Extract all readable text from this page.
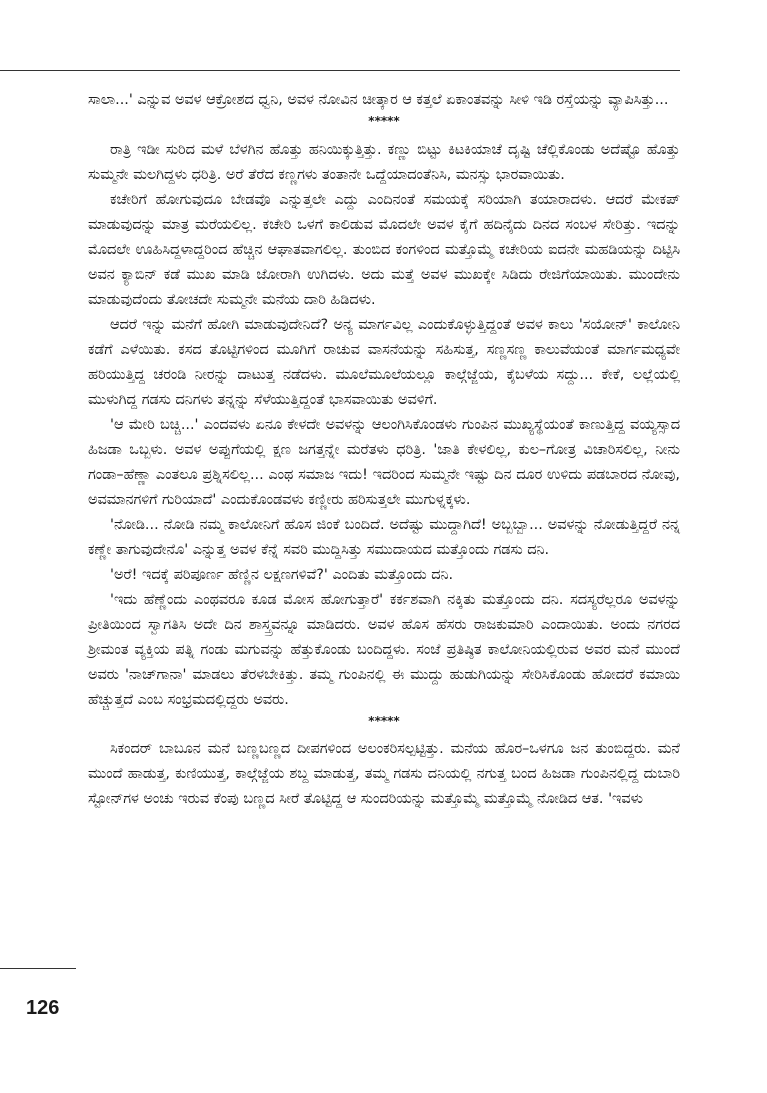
ಸಾಲಾ...' ಎನ್ನುವ ಅವಳ ಆಕ್ರೋಶದ ಧ್ವನಿ, ಅವಳ ನೋವಿನ ಚೀತ್ಕಾರ ಆ ಕತ್ತಲೆ ಏಕಾಂತವನ್ನು ಸೀಳಿ ಇಡಿ ರಸ್ತೆಯನ್ನು ವ್ಯಾಪಿಸಿತ್ತು...

*****

ರಾತ್ರಿ ಇಡೀ ಸುರಿದ ಮಳೆ ಬೆಳಗಿನ ಹೊತ್ತು ಹನಿಯಿಕ್ಕುತ್ತಿತ್ತು. ಕಣ್ಣು ಬಿಟ್ಟು ಕಿಟಕಿಯಾಚೆ ದೃಷ್ಟಿ ಚೆಲ್ಲಿಕೊಂಡು ಅದೆಷ್ಟೊ ಹೊತ್ತು ಸುಮ್ಮನೇ ಮಲಗಿದ್ದಳು ಧರಿತ್ರಿ. ಅರೆ ತೆರೆದ ಕಣ್ಣಗಳು ತಂತಾನೇ ಒದ್ದೆಯಾದಂತೆನಿಸಿ, ಮನಸ್ಸು ಭಾರವಾಯಿತು.

ಕಚೇರಿಗೆ ಹೋಗುವುದೂ ಬೇಡವೊ ಎನ್ನುತ್ತಲೇ ಎದ್ದು ಎಂದಿನಂತೆ ಸಮಯಕ್ಕೆ ಸರಿಯಾಗಿ ತಯಾರಾದಳು. ಆದರೆ ಮೇಕಪ್ ಮಾಡುವುದನ್ನು ಮಾತ್ರ ಮರೆಯಲಿಲ್ಲ. ಕಚೇರಿ ಒಳಗೆ ಕಾಲಿಡುವ ಮೊದಲೇ ಅವಳ ಕೈಗೆ ಹದಿನೈದು ದಿನದ ಸಂಬಳ ಸೇರಿತ್ತು. ಇದನ್ನು ಮೊದಲೇ ಊಹಿಸಿದ್ದಳಾದ್ದರಿಂದ ಹೆಚ್ಚಿನ ಆಘಾತವಾಗಲಿಲ್ಲ. ತುಂಬಿದ ಕಂಗಳಿಂದ ಮತ್ತೊಮ್ಮೆ ಕಚೇರಿಯ ಐದನೇ ಮಹಡಿಯನ್ನು ದಿಟ್ಟಿಸಿ ಅವನ ಕ್ಯಾಬಿನ್ ಕಡೆ ಮುಖ ಮಾಡಿ ಜೋರಾಗಿ ಉಗಿದಳು. ಅದು ಮತ್ತೆ ಅವಳ ಮುಖಕ್ಕೇ ಸಿಡಿದು ರೇಜಿಗೆಯಾಯಿತು. ಮುಂದೇನು ಮಾಡುವುದೆಂದು ತೋಚದೇ ಸುಮ್ಮನೇ ಮನೆಯ ದಾರಿ ಹಿಡಿದಳು.

ಆದರೆ ಇನ್ನು ಮನೆಗೆ ಹೋಗಿ ಮಾಡುವುದೇನಿದೆ? ಅನ್ಯ ಮಾರ್ಗವಿಲ್ಲ ಎಂದುಕೊಳ್ಳುತ್ತಿದ್ದಂತೆ ಅವಳ ಕಾಲು 'ಸಯೋನ್' ಕಾಲೋನಿ ಕಡೆಗೆ ಎಳೆಯಿತು. ಕಸದ ತೊಟ್ಟಿಗಳಿಂದ ಮೂಗಿಗೆ ರಾಚುವ ವಾಸನೆಯನ್ನು ಸಹಿಸುತ್ತ, ಸಣ್ಣಸಣ್ಣ ಕಾಲುವೆಯಂತೆ ಮಾರ್ಗಮಧ್ಯವೇ ಹರಿಯುತ್ತಿದ್ದ ಚರಂಡಿ ನೀರನ್ನು ದಾಟುತ್ತ ನಡೆದಳು. ಮೂಲೆಮೂಲೆಯಲ್ಲೂ ಕಾಲ್ಗೆಜ್ಜೆಯ, ಕೈಬಳೆಯ ಸದ್ದು... ಕೇಕೆ, ಲಲ್ಲೆಯಲ್ಲಿ ಮುಳುಗಿದ್ದ ಗಡಸು ದನಿಗಳು ತನ್ನನ್ನು ಸೆಳೆಯುತ್ತಿದ್ದಂತೆ ಭಾಸವಾಯಿತು ಅವಳಿಗೆ.

'ಆ ಮೇರಿ ಬಚ್ಚಿ...' ಎಂದವಳು ಏನೂ ಕೇಳದೇ ಅವಳನ್ನು ಆಲಂಗಿಸಿಕೊಂಡಳು ಗುಂಪಿನ ಮುಖ್ಯಸ್ಥೆಯಂತೆ ಕಾಣುತ್ತಿದ್ದ ವಯ್ಯಸ್ಸಾದ ಹಿಜಡಾ ಒಬ್ಬಳು. ಅವಳ ಅಪ್ಪುಗೆಯಲ್ಲಿ ಕ್ಷಣ ಜಗತ್ತನ್ನೇ ಮರೆತಳು ಧರಿತ್ರಿ. 'ಜಾತಿ ಕೇಳಲಿಲ್ಲ, ಕುಲ–ಗೋತ್ರ ವಿಚಾರಿಸಲಿಲ್ಲ, ನೀನು ಗಂಡಾ–ಹೆಣ್ಣಾ ಎಂತಲೂ ಪ್ರಶ್ನಿಸಲಿಲ್ಲ... ಎಂಥ ಸಮಾಜ ಇದು! ಇದರಿಂದ ಸುಮ್ಮನೇ ಇಷ್ಟು ದಿನ ದೂರ ಉಳಿದು ಪಡಬಾರದ ನೋವು, ಅವಮಾನಗಳಿಗೆ ಗುರಿಯಾದೆ' ಎಂದುಕೊಂಡವಳು ಕಣ್ಣೀರು ಹರಿಸುತ್ತಲೇ ಮುಗುಳ್ನಕ್ಕಳು.

'ನೋಡಿ... ನೋಡಿ ನಮ್ಮ ಕಾಲೋನಿಗೆ ಹೊಸ ಜಿಂಕೆ ಬಂದಿದೆ. ಅದೆಷ್ಟು ಮುದ್ದಾಗಿದೆ! ಅಬ್ಬಬ್ಬಾ... ಅವಳನ್ನು ನೋಡುತ್ತಿದ್ದರೆ ನನ್ನ ಕಣ್ಣೇ ತಾಗುವುದೇನೊ' ಎನ್ನುತ್ತ ಅವಳ ಕೆನ್ನೆ ಸವರಿ ಮುದ್ದಿಸಿತ್ತು ಸಮುದಾಯದ ಮತ್ತೊಂದು ಗಡಸು ದನಿ.

'ಅರೆ! ಇದಕ್ಕೆ ಪರಿಪೂರ್ಣ ಹೆಣ್ಣಿನ ಲಕ್ಷಣಗಳಿವೆ?' ಎಂದಿತು ಮತ್ತೊಂದು ದನಿ.

'ಇದು ಹೆಣ್ಣೆಂದು ಎಂಥವರೂ ಕೂಡ ಮೋಸ ಹೋಗುತ್ತಾರೆ' ಕರ್ಕಶವಾಗಿ ನಕ್ಕಿತು ಮತ್ತೊಂದು ದನಿ. ಸದಸ್ಯರೆಲ್ಲರೂ ಅವಳನ್ನು ಪ್ರೀತಿಯಿಂದ ಸ್ವಾಗತಿಸಿ ಅದೇ ದಿನ ಶಾಸ್ತ್ರವನ್ನೂ ಮಾಡಿದರು. ಅವಳ ಹೊಸ ಹೆಸರು ರಾಜಕುಮಾರಿ ಎಂದಾಯಿತು. ಅಂದು ನಗರದ ಶ್ರೀಮಂತ ವ್ಯಕ್ತಿಯ ಪತ್ನಿ ಗಂಡು ಮಗುವನ್ನು ಹೆತ್ತುಕೊಂಡು ಬಂದಿದ್ದಳು. ಸಂಜೆ ಪ್ರತಿಷ್ಠಿತ ಕಾಲೋನಿಯಲ್ಲಿರುವ ಅವರ ಮನೆ ಮುಂದೆ ಅವರು 'ನಾಚ್‌ಗಾನಾ' ಮಾಡಲು ತೆರಳಬೇಕಿತ್ತು. ತಮ್ಮ ಗುಂಪಿನಲ್ಲಿ ಈ ಮುದ್ದು ಹುಡುಗಿಯನ್ನು ಸೇರಿಸಿಕೊಂಡು ಹೋದರೆ ಕಮಾಯಿ ಹೆಚ್ಚುತ್ತದೆ ಎಂಬ ಸಂಭ್ರಮದಲ್ಲಿದ್ದರು ಅವರು.

*****

ಸಿಕಂದರ್ ಬಾಬೂನ ಮನೆ ಬಣ್ಣಬಣ್ಣದ ದೀಪಗಳಿಂದ ಅಲಂಕರಿಸಲ್ಪಟ್ಟಿತ್ತು. ಮನೆಯ ಹೊರ–ಒಳಗೂ ಜನ ತುಂಬಿದ್ದರು. ಮನೆ ಮುಂದೆ ಹಾಡುತ್ತ, ಕುಣಿಯುತ್ತ, ಕಾಲ್ಗೆಜ್ಜೆಯ ಶಬ್ದ ಮಾಡುತ್ತ, ತಮ್ಮ ಗಡಸು ದನಿಯಲ್ಲಿ ನಗುತ್ತ ಬಂದ ಹಿಜಡಾ ಗುಂಪಿನಲ್ಲಿದ್ದ ದುಬಾರಿ ಸ್ಟೋನ್‌ಗಳ ಅಂಚು ಇರುವ ಕೆಂಪು ಬಣ್ಣದ ಸೀರೆ ತೊಟ್ಟಿದ್ದ ಆ ಸುಂದರಿಯನ್ನು ಮತ್ತೊಮ್ಮೆ ಮತ್ತೊಮ್ಮೆ ನೋಡಿದ ಆತ. 'ಇವಳು

126
